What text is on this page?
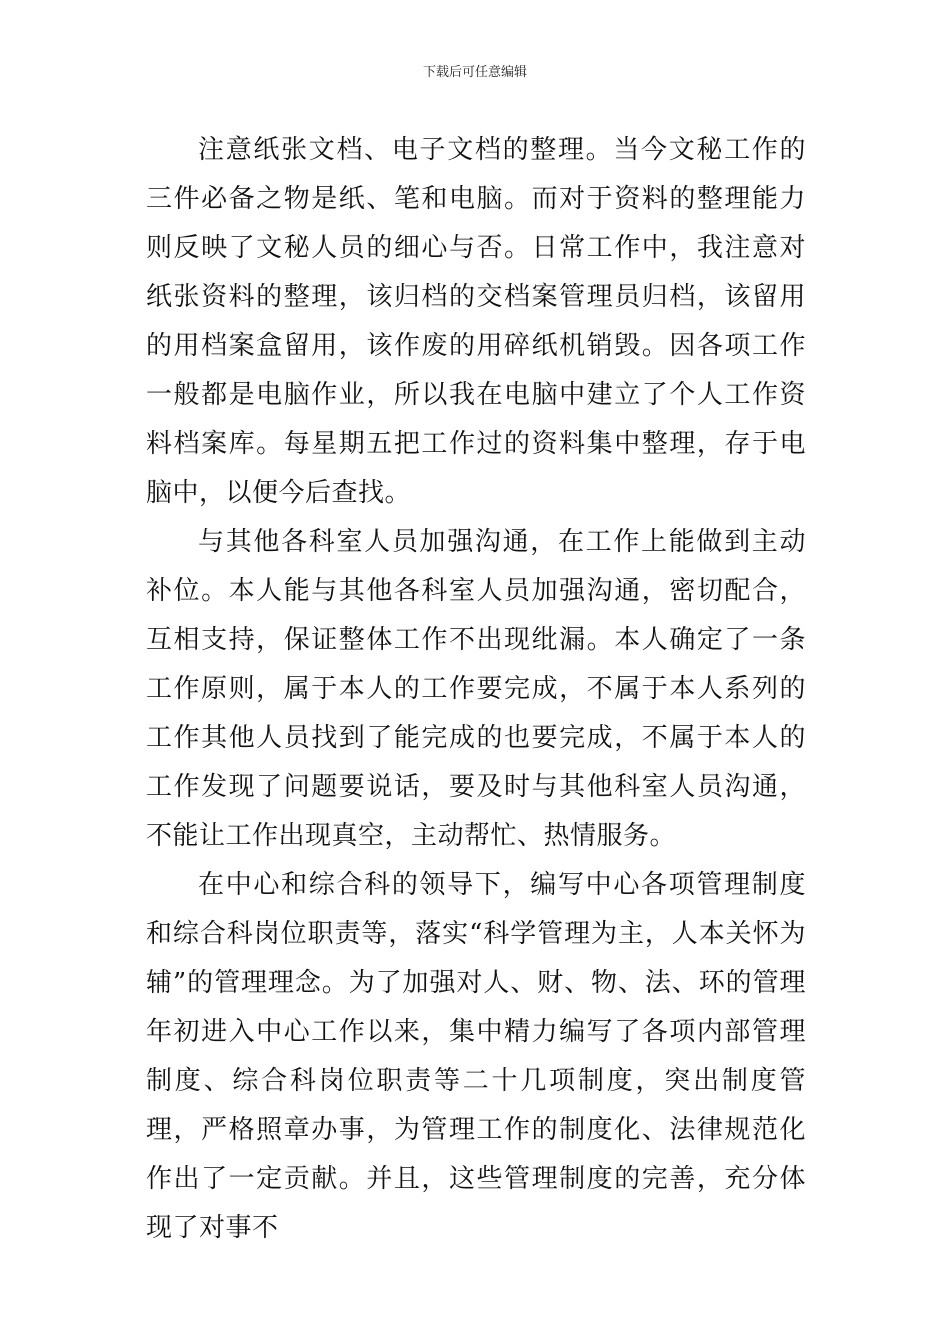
下载后可任意编辑

注意纸张文档、电子文档的整理。当今文秘工作的三件必备之物是纸、笔和电脑。而对于资料的整理能力则反映了文秘人员的细心与否。日常工作中，我注意对纸张资料的整理，该归档的交档案管理员归档，该留用的用档案盒留用，该作废的用碎纸机销毁。因各项工作一般都是电脑作业，所以我在电脑中建立了个人工作资料档案库。每星期五把工作过的资料集中整理，存于电脑中，以便今后查找。

与其他各科室人员加强沟通，在工作上能做到主动补位。本人能与其他各科室人员加强沟通，密切配合，互相支持，保证整体工作不出现纰漏。本人确定了一条工作原则，属于本人的工作要完成，不属于本人系列的工作其他人员找到了能完成的也要完成，不属于本人的工作发现了问题要说话，要及时与其他科室人员沟通，不能让工作出现真空，主动帮忙、热情服务。

在中心和综合科的领导下，编写中心各项管理制度和综合科岗位职责等，落实“科学管理为主，人本关怀为辅”的管理理念。为了加强对人、财、物、法、环的管理年初进入中心工作以来，集中精力编写了各项内部管理制度、综合科岗位职责等二十几项制度，突出制度管理，严格照章办事，为管理工作的制度化、法律规范化作出了一定贡献。并且，这些管理制度的完善，充分体现了对事不
